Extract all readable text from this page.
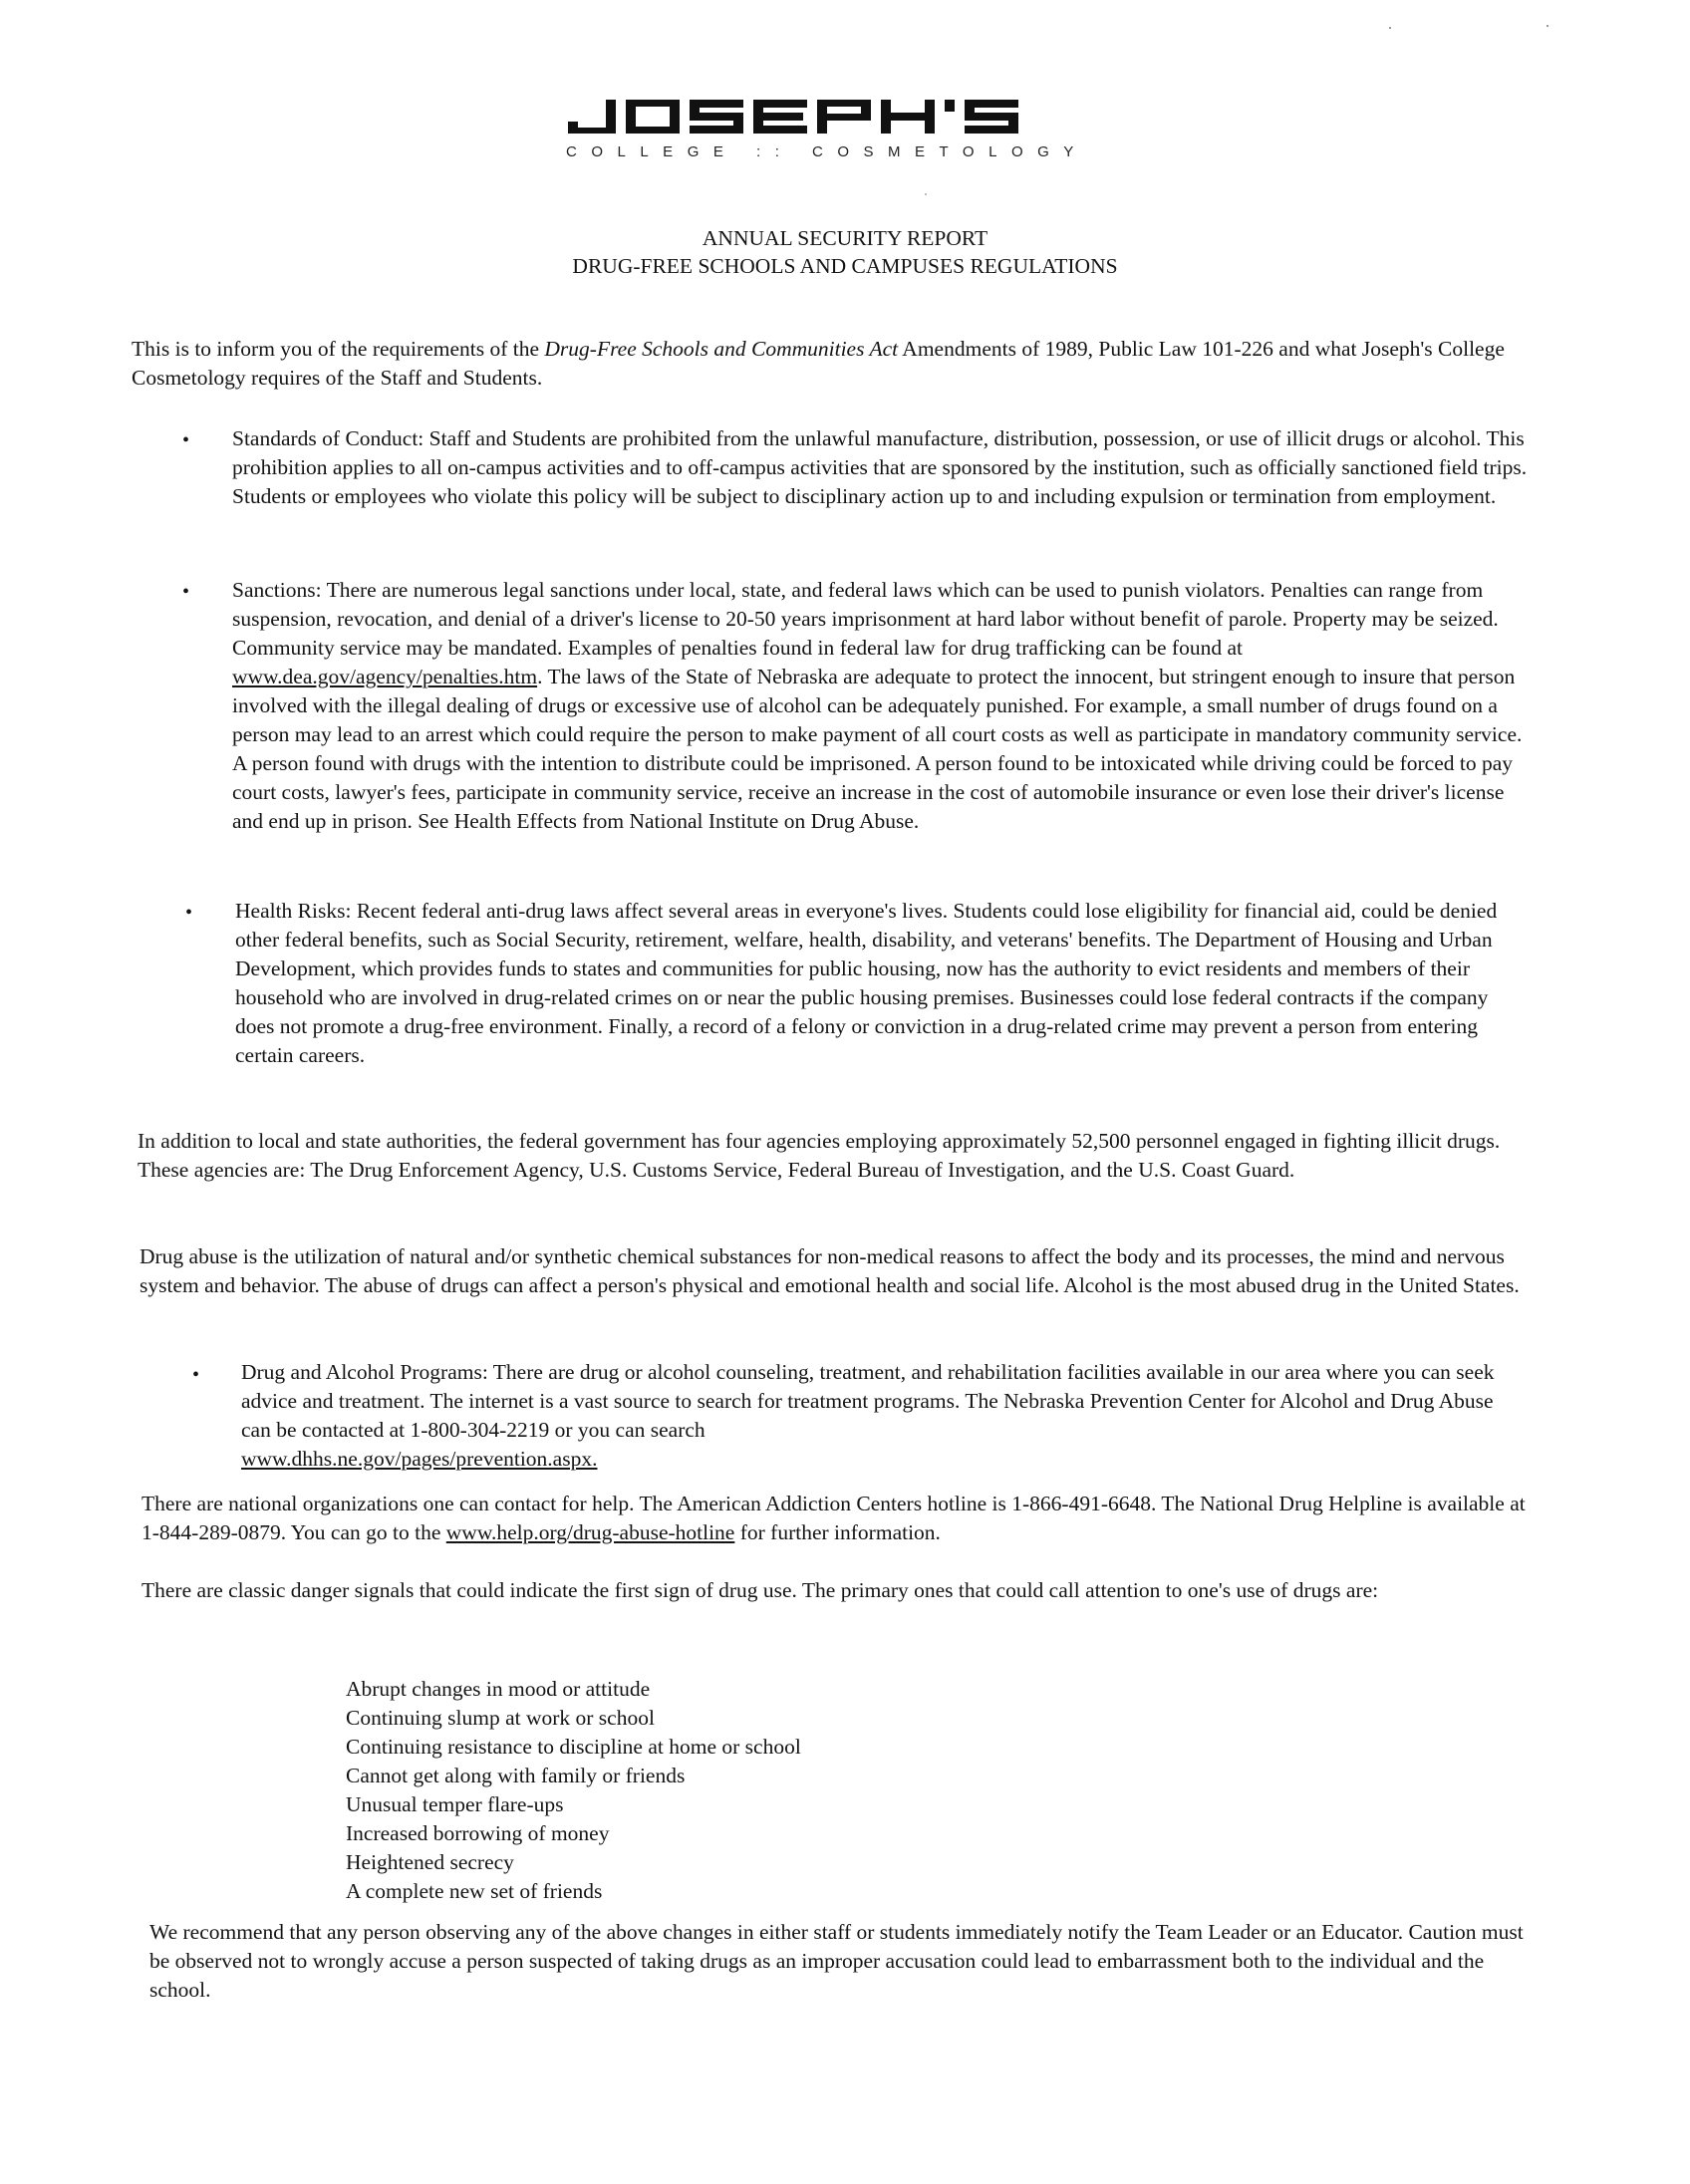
COLLEGE :: COSMETOLOGY
ANNUAL SECURITY REPORT
DRUG-FREE SCHOOLS AND CAMPUSES REGULATIONS

This is to inform you of the requirements of the Drug-Free Schools and Communities Act Amendments of 1989, Public Law 101-226 and what Joseph's College Cosmetology requires of the Staff and Students.

• Standards of Conduct: Staff and Students are prohibited from the unlawful manufacture, distribution, possession, or use of illicit drugs or alcohol. This prohibition applies to all on-campus activities and to off-campus activities that are sponsored by the institution, such as officially sanctioned field trips. Students or employees who violate this policy will be subject to disciplinary action up to and including expulsion or termination from employment.

• Sanctions: There are numerous legal sanctions under local, state, and federal laws which can be used to punish violators. Penalties can range from suspension, revocation, and denial of a driver's license to 20-50 years imprisonment at hard labor without benefit of parole. Property may be seized. Community service may be mandated. Examples of penalties found in federal law for drug trafficking can be found at www.dea.gov/agency/penalties.htm. The laws of the State of Nebraska are adequate to protect the innocent, but stringent enough to insure that person involved with the illegal dealing of drugs or excessive use of alcohol can be adequately punished. For example, a small number of drugs found on a person may lead to an arrest which could require the person to make payment of all court costs as well as participate in mandatory community service. A person found with drugs with the intention to distribute could be imprisoned. A person found to be intoxicated while driving could be forced to pay court costs, lawyer's fees, participate in community service, receive an increase in the cost of automobile insurance or even lose their driver's license and end up in prison. See Health Effects from National Institute on Drug Abuse.

• Health Risks: Recent federal anti-drug laws affect several areas in everyone's lives. Students could lose eligibility for financial aid, could be denied other federal benefits, such as Social Security, retirement, welfare, health, disability, and veterans' benefits. The Department of Housing and Urban Development, which provides funds to states and communities for public housing, now has the authority to evict residents and members of their household who are involved in drug-related crimes on or near the public housing premises. Businesses could lose federal contracts if the company does not promote a drug-free environment. Finally, a record of a felony or conviction in a drug-related crime may prevent a person from entering certain careers.

In addition to local and state authorities, the federal government has four agencies employing approximately 52,500 personnel engaged in fighting illicit drugs. These agencies are: The Drug Enforcement Agency, U.S. Customs Service, Federal Bureau of Investigation, and the U.S. Coast Guard.

Drug abuse is the utilization of natural and/or synthetic chemical substances for non-medical reasons to affect the body and its processes, the mind and nervous system and behavior. The abuse of drugs can affect a person's physical and emotional health and social life. Alcohol is the most abused drug in the United States.

• Drug and Alcohol Programs: There are drug or alcohol counseling, treatment, and rehabilitation facilities available in our area where you can seek advice and treatment. The internet is a vast source to search for treatment programs. The Nebraska Prevention Center for Alcohol and Drug Abuse can be contacted at 1-800-304-2219 or you can search
www.dhhs.ne.gov/pages/prevention.aspx.

There are national organizations one can contact for help. The American Addiction Centers hotline is 1-866-491-6648. The National Drug Helpline is available at 1-844-289-0879. You can go to the www.help.org/drug-abuse-hotline for further information.

There are classic danger signals that could indicate the first sign of drug use. The primary ones that could call attention to one's use of drugs are:

Abrupt changes in mood or attitude
Continuing slump at work or school
Continuing resistance to discipline at home or school
Cannot get along with family or friends
Unusual temper flare-ups
Increased borrowing of money
Heightened secrecy
A complete new set of friends

We recommend that any person observing any of the above changes in either staff or students immediately notify the Team Leader or an Educator. Caution must be observed not to wrongly accuse a person suspected of taking drugs as an improper accusation could lead to embarrassment both to the individual and the school.
